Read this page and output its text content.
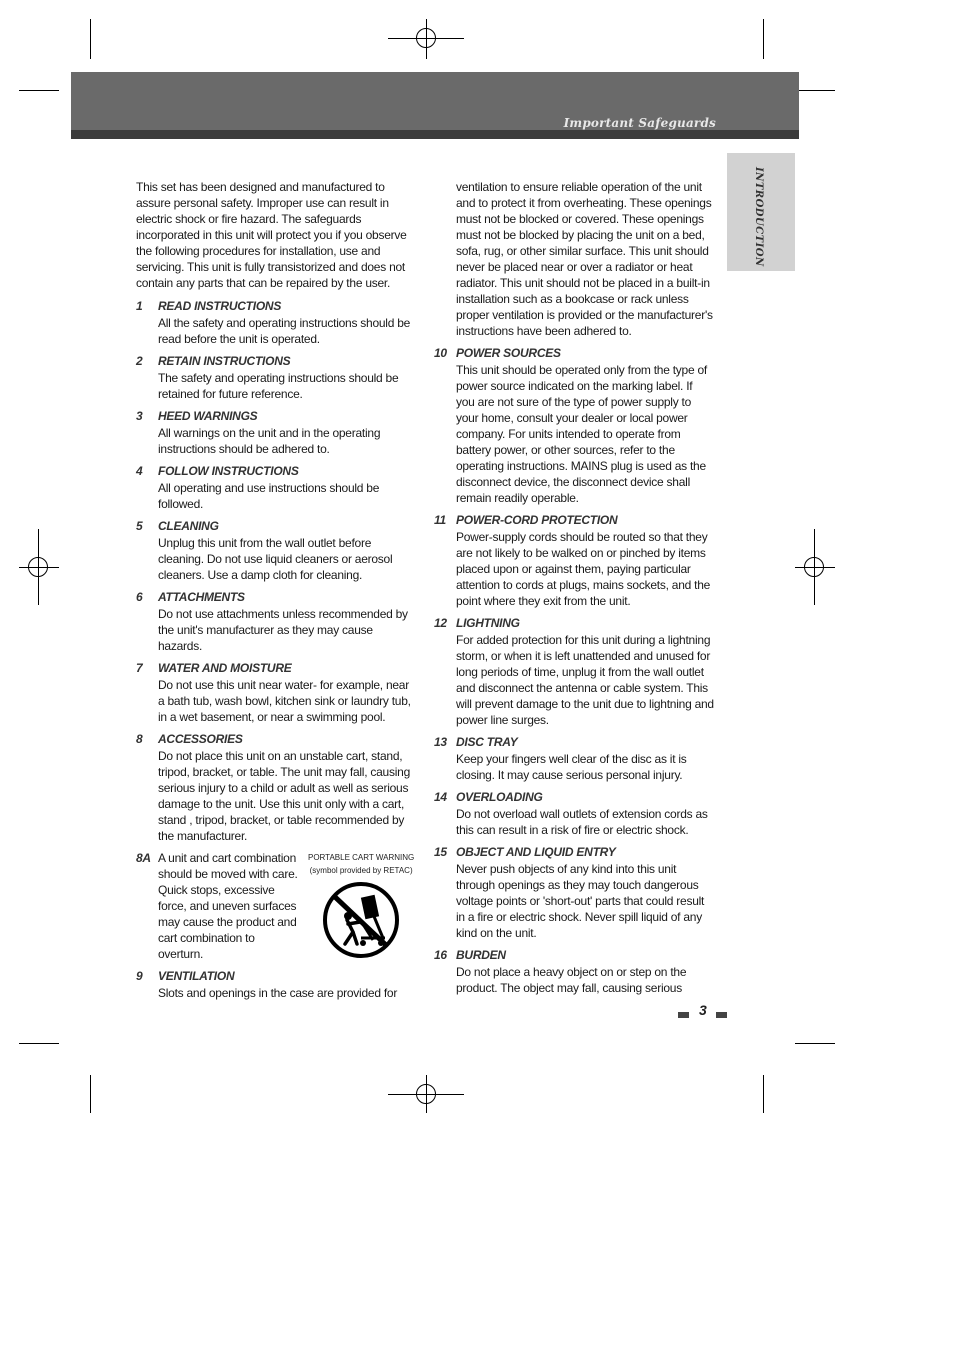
Important Safeguards
INTRODUCTION

This set has been designed and manufactured to assure personal safety. Improper use can result in electric shock or fire hazard. The safeguards incorporated in this unit will protect you if you observe the following procedures for installation, use and servicing. This unit is fully transistorized and does not contain any parts that can be repaired by the user.

1	READ INSTRUCTIONS
All the safety and operating instructions should be read before the unit is operated.
2	RETAIN INSTRUCTIONS
The safety and operating instructions should be retained for future reference.
3	HEED WARNINGS
All warnings on the unit and in the operating instructions should be adhered to.
4	FOLLOW INSTRUCTIONS
All operating and use instructions should be followed.
5	CLEANING
Unplug this unit from the wall outlet before cleaning. Do not use liquid cleaners or aerosol cleaners. Use a damp cloth for cleaning.
6	ATTACHMENTS
Do not use attachments unless recommended by the unit's manufacturer as they may cause hazards.
7	WATER AND MOISTURE
Do not use this unit near water- for example, near a bath tub, wash bowl, kitchen sink or laundry tub, in a wet basement, or near a swimming pool.
8	ACCESSORIES
Do not place this unit on an unstable cart, stand, tripod, bracket, or table. The unit may fall, causing serious injury to a child or adult as well as serious damage to the unit. Use this unit only with a cart, stand , tripod, bracket, or table recommended by the manufacturer.
8A A unit and cart combination should be moved with care. Quick stops, excessive force, and uneven surfaces may cause the product and cart combination to overturn.
PORTABLE CART WARNING
(symbol provided by RETAC)
9	VENTILATION
Slots and openings in the case are provided for

ventilation to ensure reliable operation of the unit and to protect it from overheating. These openings must not be blocked or covered. These openings must not be blocked by placing the unit on a bed, sofa, rug, or other similar surface. This unit should never be placed near or over a radiator or heat radiator. This unit should not be placed in a built-in installation such as a bookcase or rack unless proper ventilation is provided or the manufacturer's instructions have been adhered to.

10 POWER SOURCES
This unit should be operated only from the type of power source indicated on the marking label. If you are not sure of the type of power supply to your home, consult your dealer or local power company. For units intended to operate from battery power, or other sources, refer to the operating instructions. MAINS plug is used as the disconnect device, the disconnect device shall remain readily operable.
11 POWER-CORD PROTECTION
Power-supply cords should be routed so that they are not likely to be walked on or pinched by items placed upon or against them, paying particular attention to cords at plugs, mains sockets, and the point where they exit from the unit.
12 LIGHTNING
For added protection for this unit during a lightning storm, or when it is left unattended and unused for long periods of time, unplug it from the wall outlet and disconnect the antenna or cable system. This will prevent damage to the unit due to lightning and power line surges.
13 DISC TRAY
Keep your fingers well clear of the disc as it is closing. It may cause serious personal injury.
14 OVERLOADING
Do not overload wall outlets of extension cords as this can result in a risk of fire or electric shock.
15 OBJECT AND LIQUID ENTRY
Never push objects of any kind into this unit through openings as they may touch dangerous voltage points or 'short-out' parts that could result in a fire or electric shock. Never spill liquid of any kind on the unit.
16 BURDEN
Do not place a heavy object on or step on the product. The object may fall, causing serious
3
